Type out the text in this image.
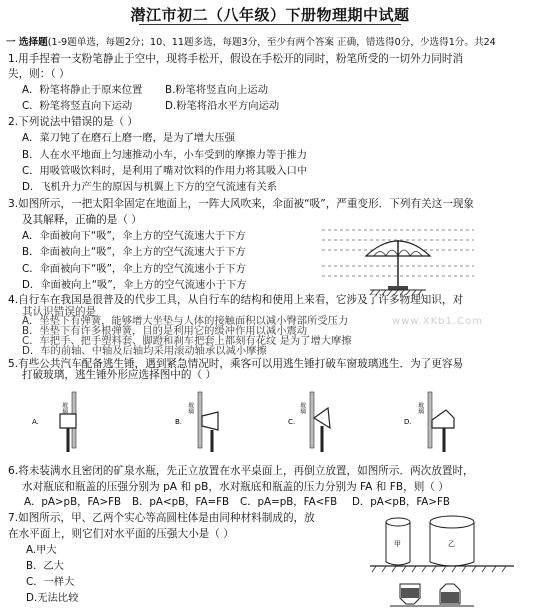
潜江市初二（八年级）下册物理期中试题
一 选择题(1-9题单选，每题2分；10、11题多选，每题3分，至少有两个答案 正确，错选得0分，少选得1分。共24
1.用手捏着一支粉笔静止于空中，现将手松开，假设在手松开的同时，粉笔所受的一切外力同时消
失，则：（ ）
A．粉笔将静止于原来位置 B.粉笔将竖直向上运动
C．粉笔将竖直向下运动	D.粉笔将沿水平方向运动
2.下列说法中错误的是（ ）
A．菜刀钝了在磨石上磨一磨，是为了增大压强
B．人在水平地面上匀速推动小车，小车受到的摩擦力等于推力
C．用吸管吸饮料时，是利用了嘴对饮料的作用力将其吸入口中
D．飞机升力产生的原因与机翼上下方的空气流速有关系
3.如图所示，一把太阳伞固定在地面上，一阵大风吹来，伞面被“吸”，严重变形．下列有关这一现象
及其解释，正确的是（ ）
A．伞面被向下“吸”，伞上方的空气流速大于下方
B．伞面被向上“吸”，伞上方的空气流速大于下方
C．伞面被向下“吸”，伞上方的空气流速小于下方
D．伞面被向上“吸”，伞上方的空气流速小于下方
4.自行车在我国是很普及的代步工具，从自行车的结构和使用上来看，它涉及了许多物理知识，对
其认识错误的是
A．坐垫下有弹簧，能够增大坐垫与人体的接触面积以减小臀部所受压力
B．坐垫下有许多根弹簧，目的是利用它的缓冲作用以减小震动
C．车把手、把手塑料套、脚蹬和刹车把套上都刻有花纹 是为了增大摩擦
D．车的前轴、中轴及后轴均采用滚动轴承以减小摩擦
www.XKb1.Com
5.有些公共汽车配备逃生锤，遇到紧急情况时，乘客可以用逃生锤打破车窗玻璃逃生．为了更容易
打破玻璃，逃生锤外形应选择图中的（ ）
A.
玻璃
B.
玻璃
C.
玻璃
D.
玻璃
6.将未装满水且密闭的矿泉水瓶，先正立放置在水平桌面上，再倒立放置，如图所示．两次放置时，
水对瓶底和瓶盖的压强分别为 pA 和 pB，水对瓶底和瓶盖的压力分别为 FA 和 FB，则（ ）
A．pA>pB，FA>FB B．pA<pB，FA=FB C．pA=pB，FA<FB D．pA<pB，FA>FB
7.如图所示，甲、乙两个实心等高圆柱体是由同种材料制成的，放
在水平面上，则它们对水平面的压强大小是（ ）
A.甲大
B．乙大
C．一样大
D.无法比较
甲	乙
